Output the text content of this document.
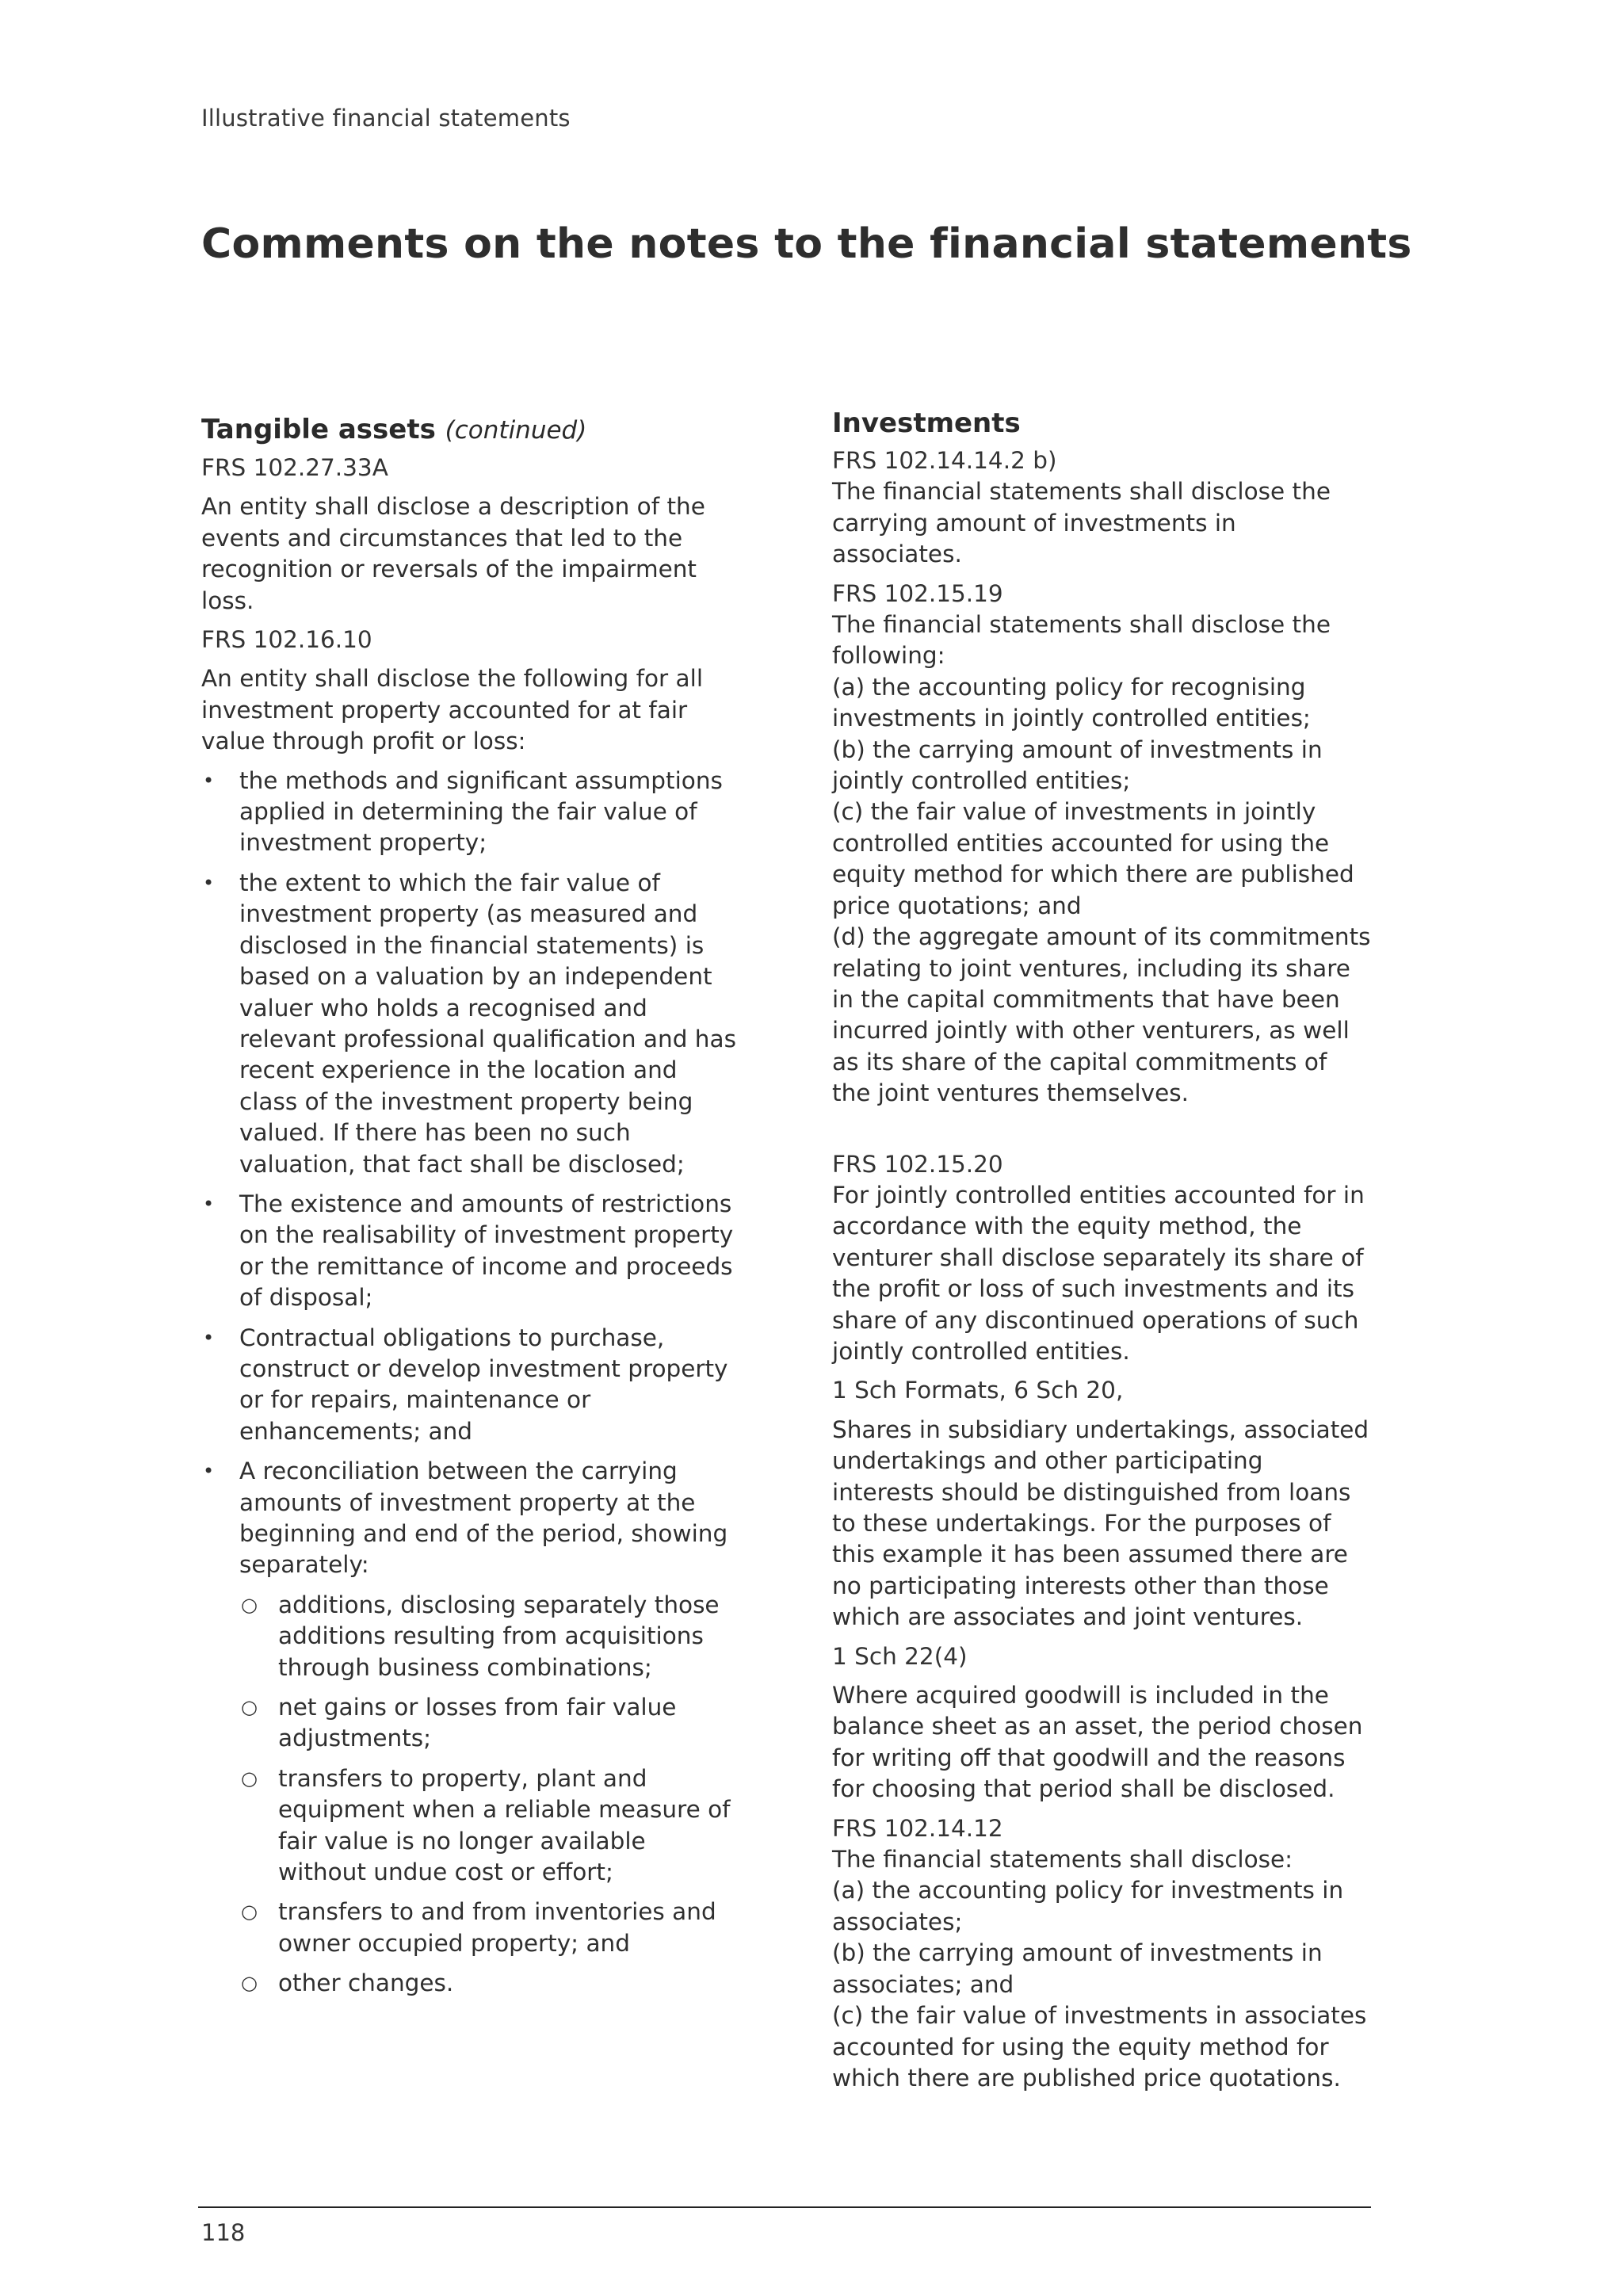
Illustrative financial statements
Comments on the notes to the financial statements
Tangible assets (continued)

FRS 102.27.33A

An entity shall disclose a description of the events and circumstances that led to the recognition or reversals of the impairment loss.

FRS 102.16.10

An entity shall disclose the following for all investment property accounted for at fair value through profit or loss:

• the methods and significant assumptions applied in determining the fair value of investment property;
• the extent to which the fair value of investment property (as measured and disclosed in the financial statements) is based on a valuation by an independent valuer who holds a recognised and relevant professional qualification and has recent experience in the location and class of the investment property being valued. If there has been no such valuation, that fact shall be disclosed;
• The existence and amounts of restrictions on the realisability of investment property or the remittance of income and proceeds of disposal;
• Contractual obligations to purchase, construct or develop investment property or for repairs, maintenance or enhancements; and
• A reconciliation between the carrying amounts of investment property at the beginning and end of the period, showing separately:
○ additions, disclosing separately those additions resulting from acquisitions through business combinations;
○ net gains or losses from fair value adjustments;
○ transfers to property, plant and equipment when a reliable measure of fair value is no longer available without undue cost or effort;
○ transfers to and from inventories and owner occupied property; and
○ other changes.
Investments

FRS 102.14.14.2 b)

The financial statements shall disclose the carrying amount of investments in associates.

FRS 102.15.19

The financial statements shall disclose the following:
(a) the accounting policy for recognising investments in jointly controlled entities;
(b) the carrying amount of investments in jointly controlled entities;
(c) the fair value of investments in jointly controlled entities accounted for using the equity method for which there are published price quotations; and
(d) the aggregate amount of its commitments relating to joint ventures, including its share in the capital commitments that have been incurred jointly with other venturers, as well as its share of the capital commitments of the joint ventures themselves.

FRS 102.15.20

For jointly controlled entities accounted for in accordance with the equity method, the venturer shall disclose separately its share of the profit or loss of such investments and its share of any discontinued operations of such jointly controlled entities.

1 Sch Formats, 6 Sch 20,

Shares in subsidiary undertakings, associated undertakings and other participating interests should be distinguished from loans to these undertakings. For the purposes of this example it has been assumed there are no participating interests other than those which are associates and joint ventures.

1 Sch 22(4)

Where acquired goodwill is included in the balance sheet as an asset, the period chosen for writing off that goodwill and the reasons for choosing that period shall be disclosed.

FRS 102.14.12

The financial statements shall disclose:
(a) the accounting policy for investments in associates;
(b) the carrying amount of investments in associates; and
(c) the fair value of investments in associates accounted for using the equity method for which there are published price quotations.
118
